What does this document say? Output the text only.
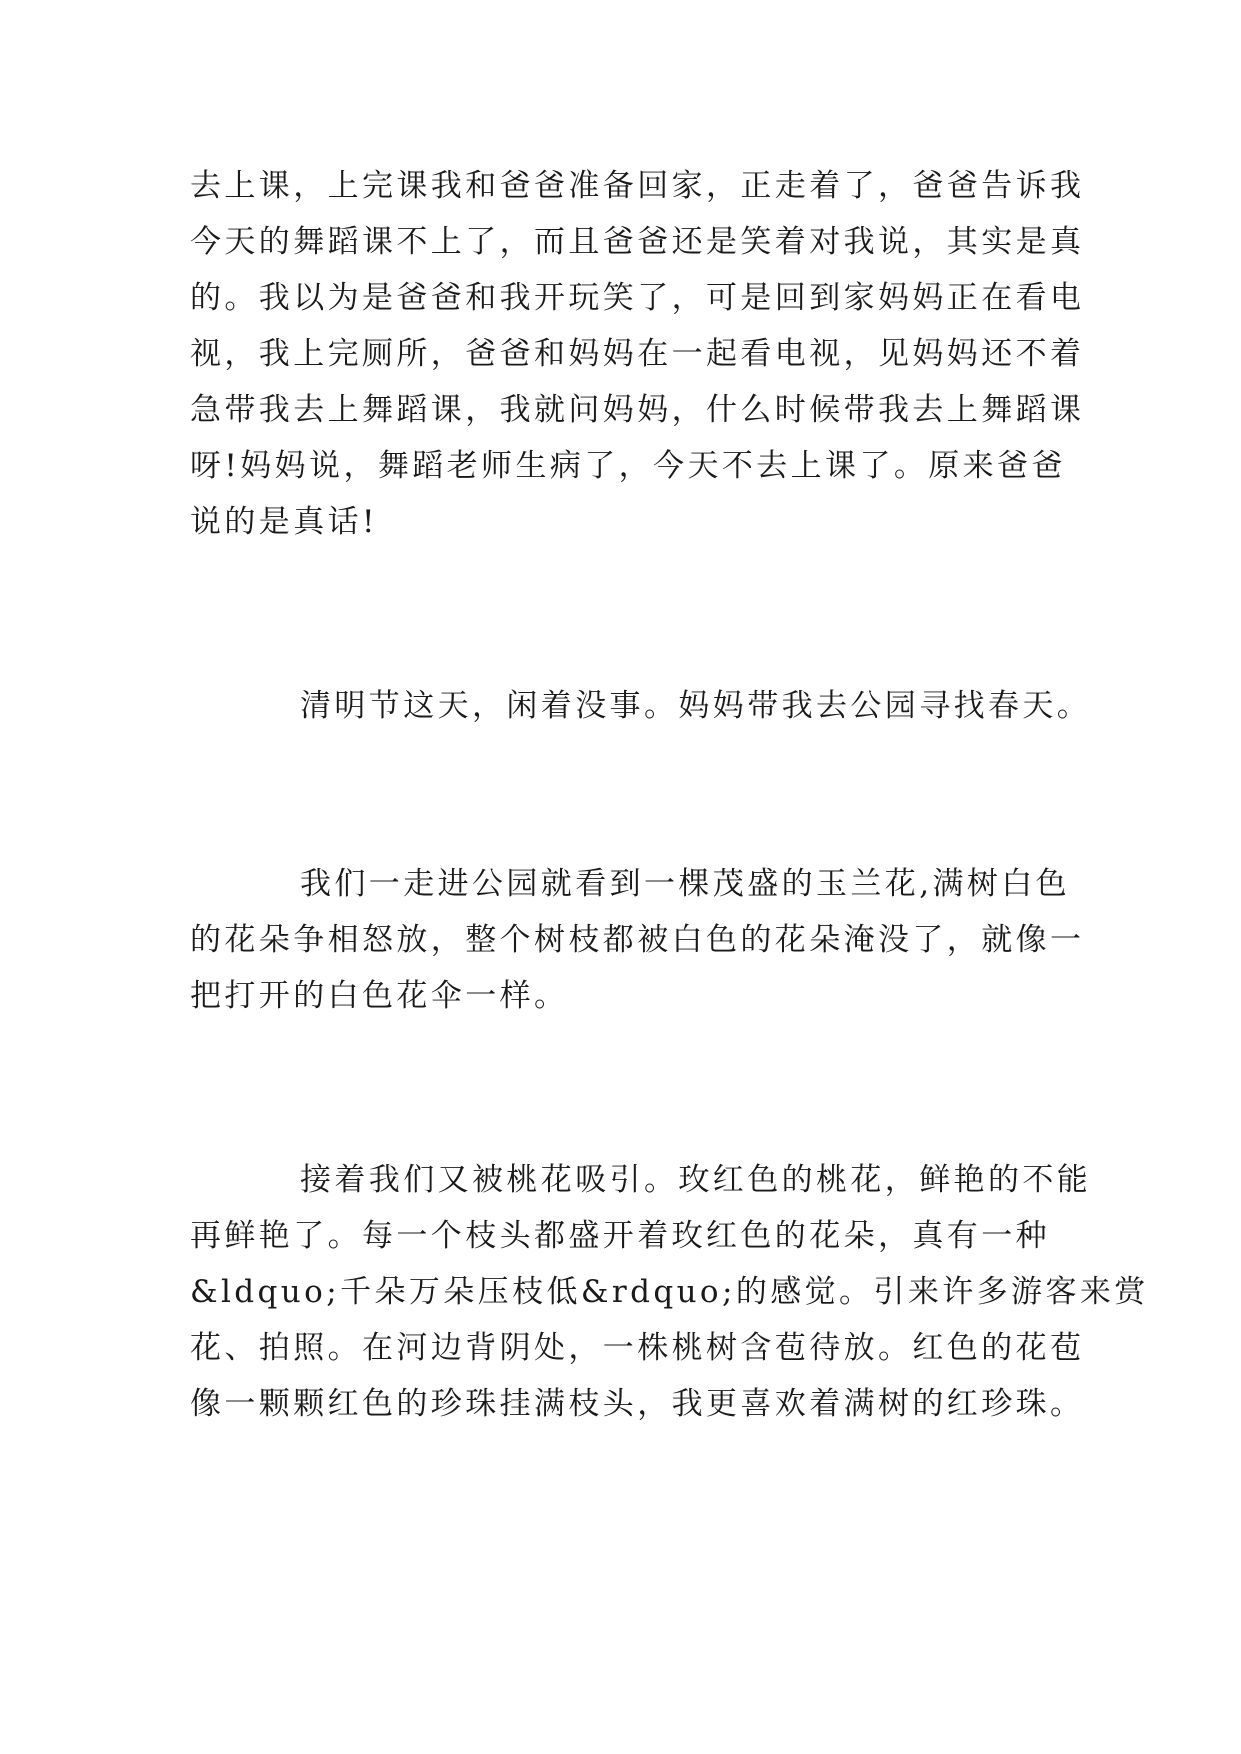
去上课，上完课我和爸爸准备回家，正走着了，爸爸告诉我
今天的舞蹈课不上了，而且爸爸还是笑着对我说，其实是真
的。我以为是爸爸和我开玩笑了，可是回到家妈妈正在看电
视，我上完厕所，爸爸和妈妈在一起看电视，见妈妈还不着
急带我去上舞蹈课，我就问妈妈，什么时候带我去上舞蹈课
呀!妈妈说，舞蹈老师生病了，今天不去上课了。原来爸爸
说的是真话!
清明节这天，闲着没事。妈妈带我去公园寻找春天。
我们一走进公园就看到一棵茂盛的玉兰花,满树白色
的花朵争相怒放，整个树枝都被白色的花朵淹没了，就像一
把打开的白色花伞一样。
接着我们又被桃花吸引。玫红色的桃花，鲜艳的不能
再鲜艳了。每一个枝头都盛开着玫红色的花朵，真有一种
&ldquo;千朵万朵压枝低&rdquo;的感觉。引来许多游客来赏
花、拍照。在河边背阴处，一株桃树含苞待放。红色的花苞
像一颗颗红色的珍珠挂满枝头，我更喜欢着满树的红珍珠。
